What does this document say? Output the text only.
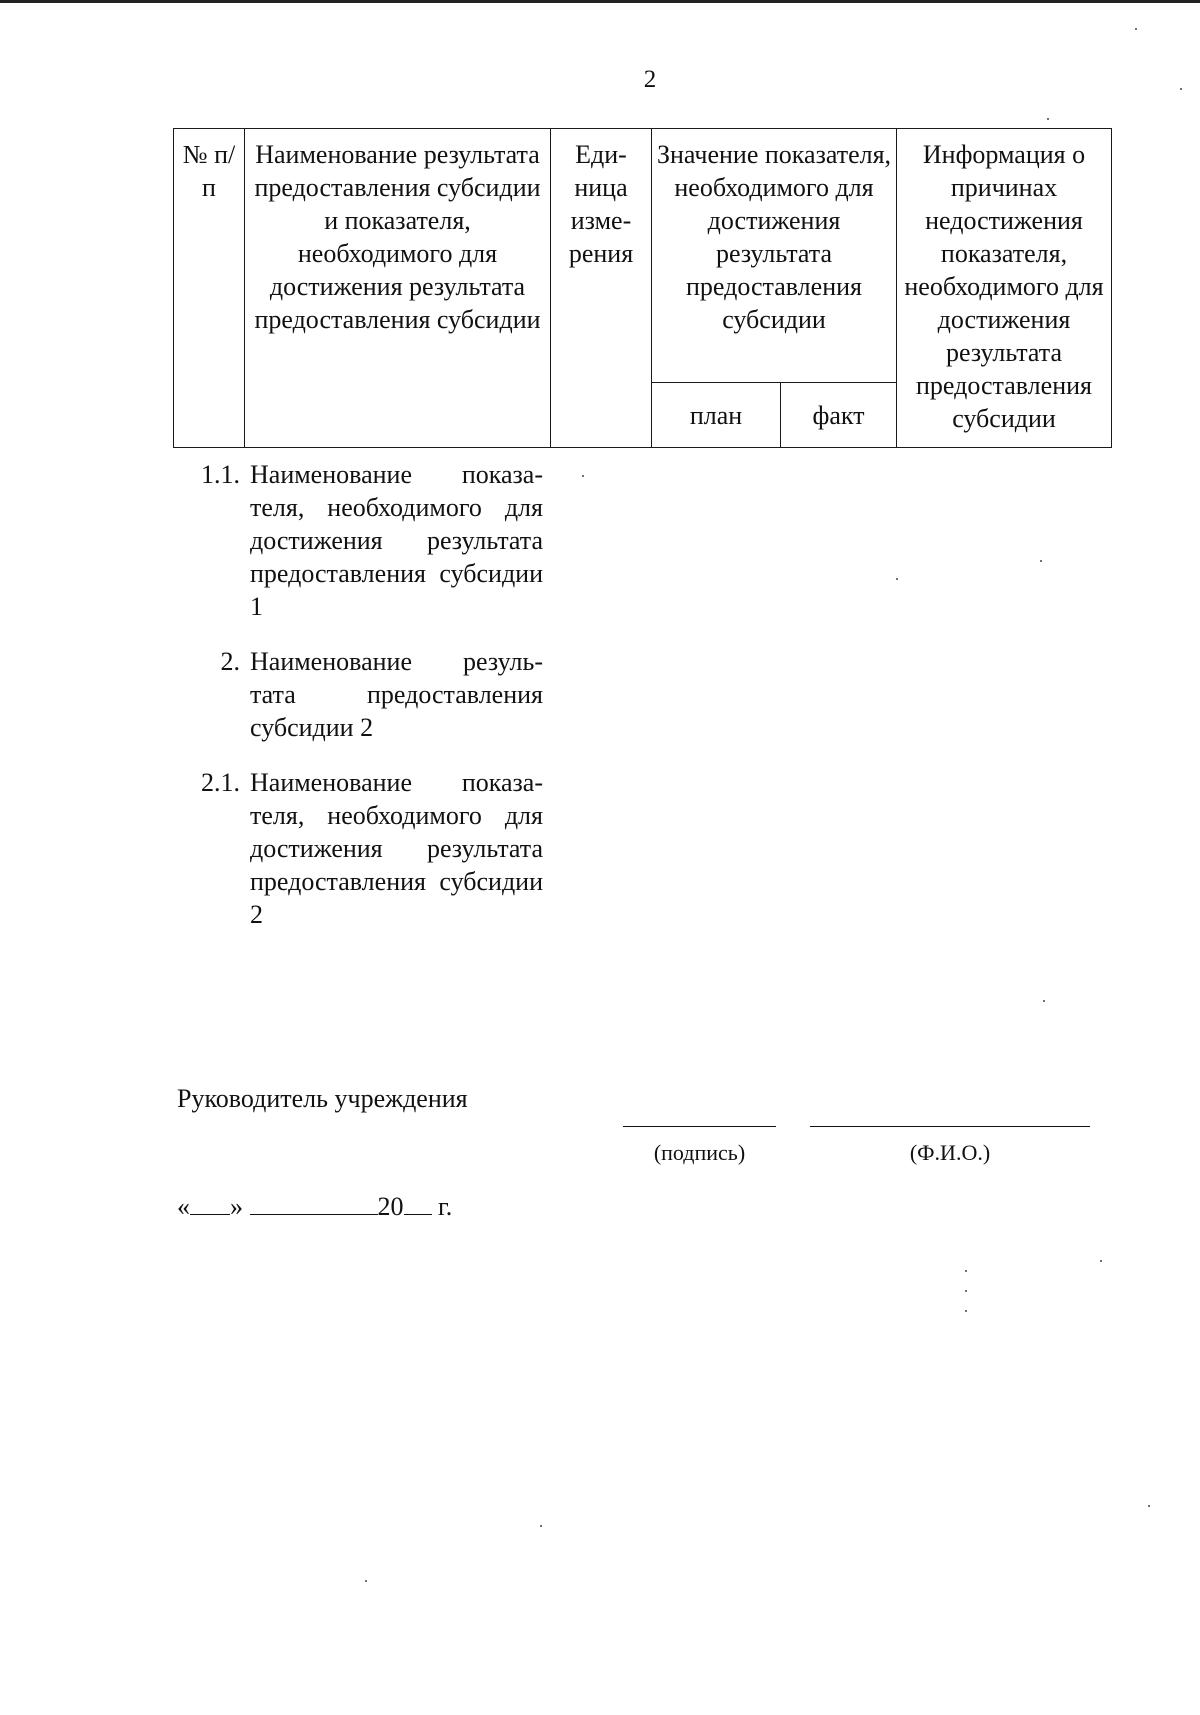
2
№ п/п	Наименование результата предоставления субсидии и показателя, необходимого для достижения результата предоставления субсидии	Еди-ница изме-рения	Значение показателя, необходимого для достижения результата предоставления субсидии		Информация о причинах недостижения показателя, необходимого для достижения результата предоставления субсидии
			план	факт	
1.1. Наименование показа-теля, необходимого для достижения результата предоставления субсидии 1
2. Наименование резуль-тата предоставления субсидии 2
2.1. Наименование показа-теля, необходимого для достижения результата предоставления субсидии 2
Руководитель учреждения
(подпись)	(Ф.И.О.)
« »	20 г.
